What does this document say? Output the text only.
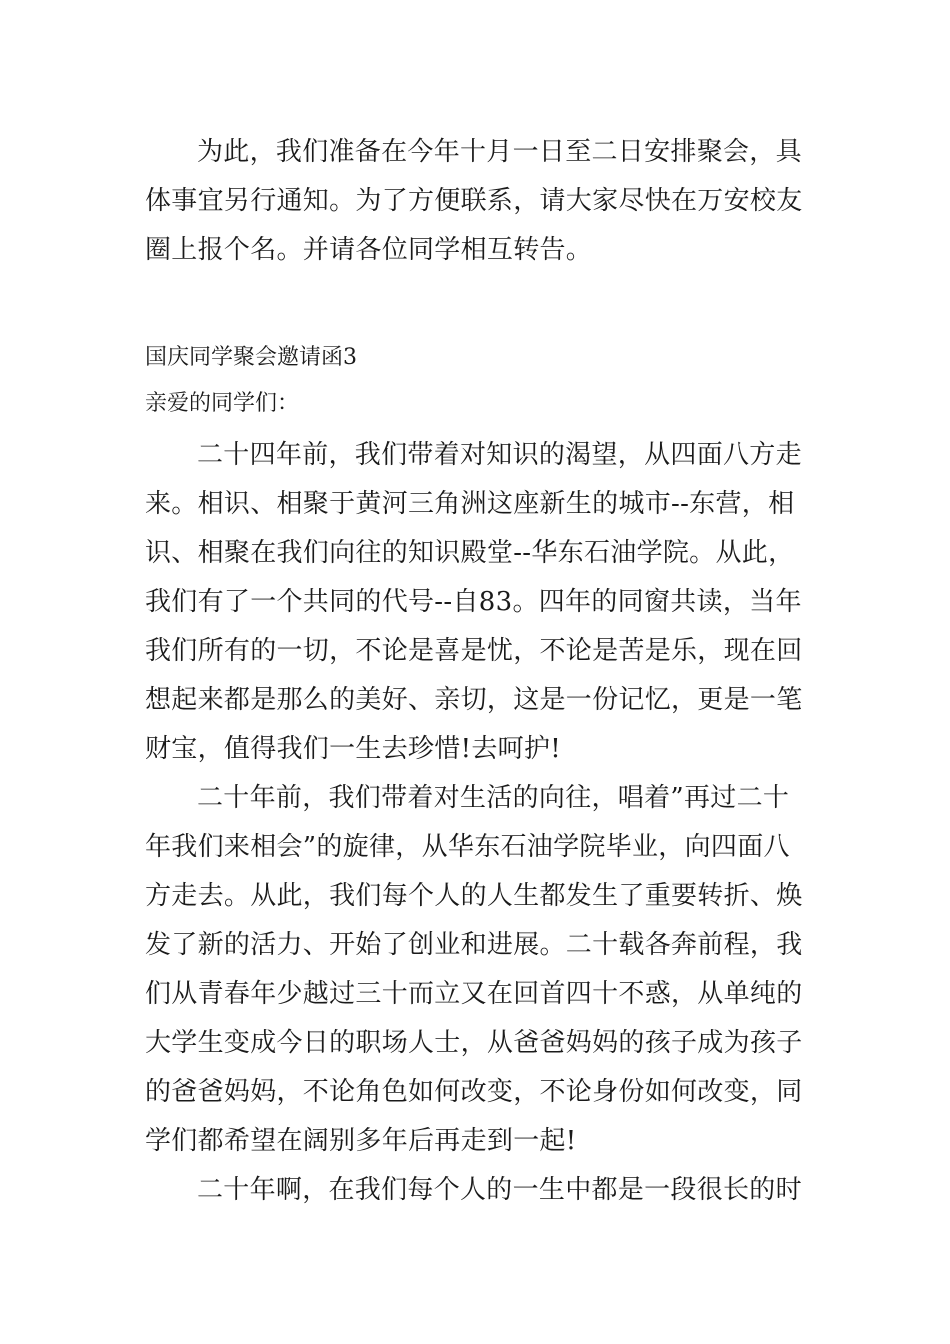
为此，我们准备在今年十月一日至二日安排聚会，具
体事宜另行通知。为了方便联系，请大家尽快在万安校友
圈上报个名。并请各位同学相互转告。
国庆同学聚会邀请函3
亲爱的同学们：
二十四年前，我们带着对知识的渴望，从四面八方走
来。相识、相聚于黄河三角洲这座新生的城市--东营，相
识、相聚在我们向往的知识殿堂--华东石油学院。从此，
我们有了一个共同的代号--自83。四年的同窗共读，当年
我们所有的一切，不论是喜是忧，不论是苦是乐，现在回
想起来都是那么的美好、亲切，这是一份记忆，更是一笔
财宝，值得我们一生去珍惜!去呵护!
二十年前，我们带着对生活的向往，唱着”再过二十
年我们来相会”的旋律，从华东石油学院毕业，向四面八
方走去。从此，我们每个人的人生都发生了重要转折、焕
发了新的活力、开始了创业和进展。二十载各奔前程，我
们从青春年少越过三十而立又在回首四十不惑，从单纯的
大学生变成今日的职场人士，从爸爸妈妈的孩子成为孩子
的爸爸妈妈，不论角色如何改变，不论身份如何改变，同
学们都希望在阔别多年后再走到一起!
二十年啊，在我们每个人的一生中都是一段很长的时
